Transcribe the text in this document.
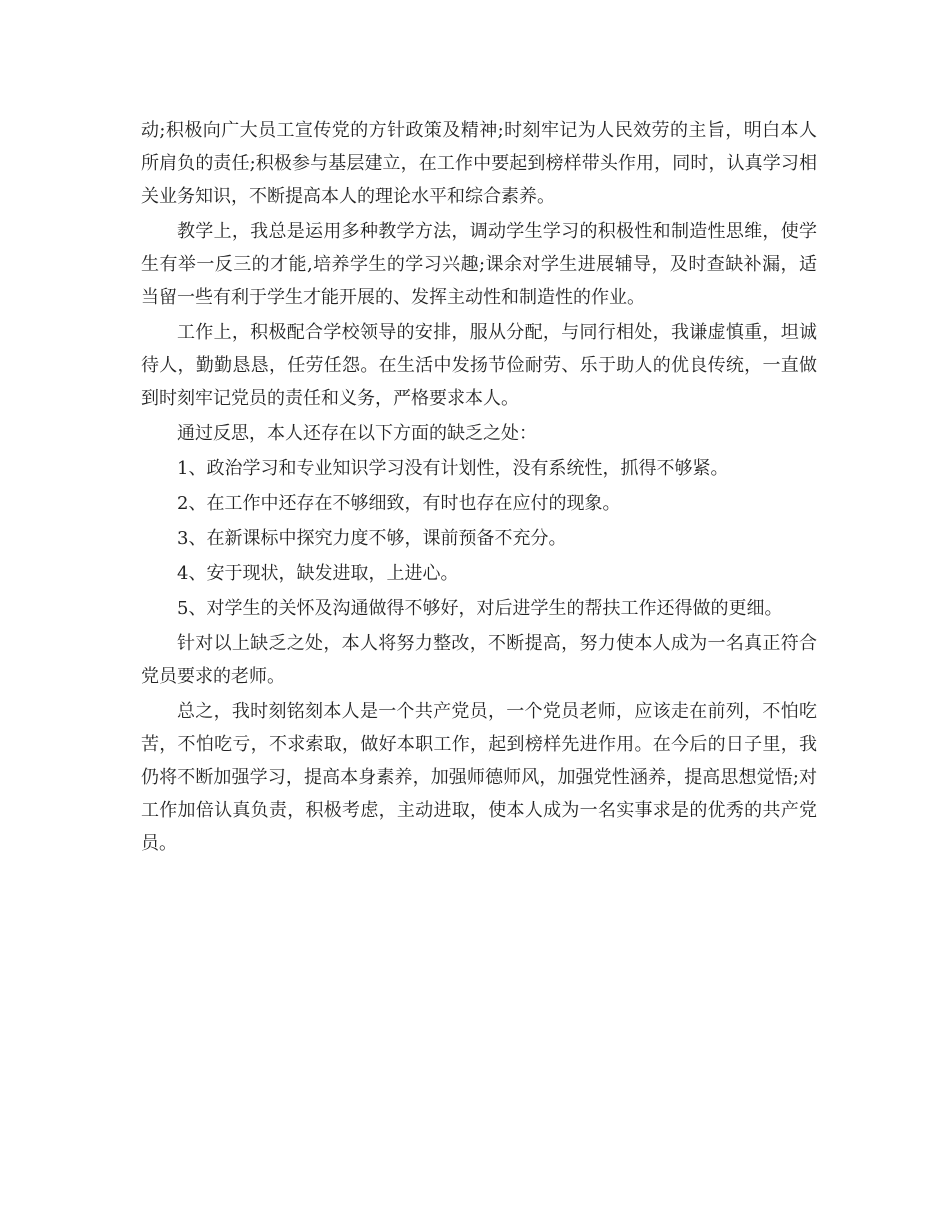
动;积极向广大员工宣传党的方针政策及精神;时刻牢记为人民效劳的主旨，明白本人所肩负的责任;积极参与基层建立，在工作中要起到榜样带头作用，同时，认真学习相关业务知识，不断提高本人的理论水平和综合素养。

教学上，我总是运用多种教学方法，调动学生学习的积极性和制造性思维，使学生有举一反三的才能,培养学生的学习兴趣;课余对学生进展辅导，及时查缺补漏，适当留一些有利于学生才能开展的、发挥主动性和制造性的作业。

工作上，积极配合学校领导的安排，服从分配，与同行相处，我谦虚慎重，坦诚待人，勤勤恳恳，任劳任怨。在生活中发扬节俭耐劳、乐于助人的优良传统，一直做到时刻牢记党员的责任和义务，严格要求本人。

通过反思，本人还存在以下方面的缺乏之处：

1、政治学习和专业知识学习没有计划性，没有系统性，抓得不够紧。

2、在工作中还存在不够细致，有时也存在应付的现象。

3、在新课标中探究力度不够，课前预备不充分。

4、安于现状，缺发进取，上进心。

5、对学生的关怀及沟通做得不够好，对后进学生的帮扶工作还得做的更细。

针对以上缺乏之处，本人将努力整改，不断提高，努力使本人成为一名真正符合党员要求的老师。

总之，我时刻铭刻本人是一个共产党员，一个党员老师，应该走在前列，不怕吃苦，不怕吃亏，不求索取，做好本职工作，起到榜样先进作用。在今后的日子里，我仍将不断加强学习，提高本身素养，加强师德师风，加强党性涵养，提高思想觉悟;对工作加倍认真负责，积极考虑，主动进取，使本人成为一名实事求是的优秀的共产党员。
